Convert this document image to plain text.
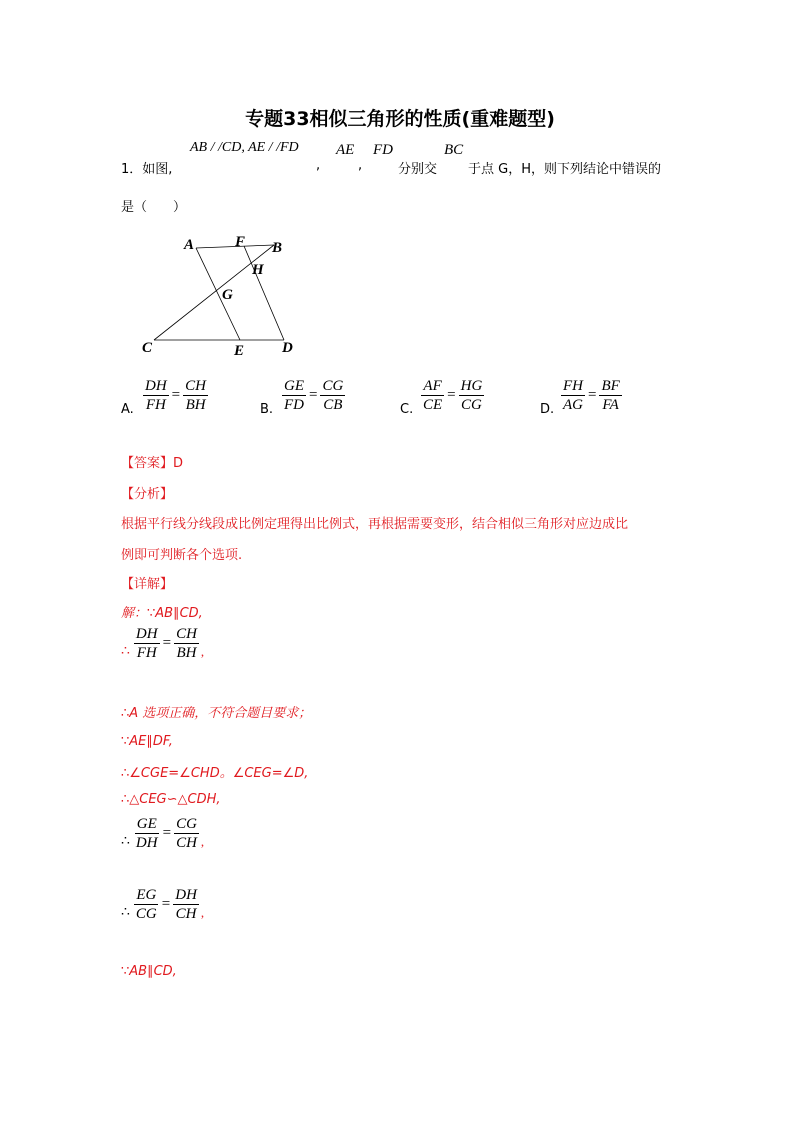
专题33相似三角形的性质(重难题型)
1．如图,
AB / /CD, AE / /FD
,
AE
,
FD
分别交
BC
于点 G，H，则下列结论中错误的
是（　　）
A	F B
H
G
C	E	D
A. $\frac{DH}{FH} = \frac{CH}{BH}$	B. $\frac{GE}{FD} = \frac{CG}{CB}$	C. $\frac{AF}{CE} = \frac{HG}{CG}$	D. $\frac{FH}{AG} = \frac{BF}{FA}$
【答案】D
【分析】
根据平行线分线段成比例定理得出比例式，再根据需要变形，结合相似三角形对应边成比
例即可判断各个选项.
【详解】
解：∵AB∥CD,
∴ $\frac{DH}{FH} = \frac{CH}{BH}$ ,
∴A 选项正确，不符合题目要求；
∵AE∥DF,
∴∠CGE=∠CHD。∠CEG=∠D,
∴△CEG∽△CDH,
∴ $\frac{GE}{DH} = \frac{CG}{CH}$ ,
∴ $\frac{EG}{CG} = \frac{DH}{CH}$ ,
∵AB∥CD,
